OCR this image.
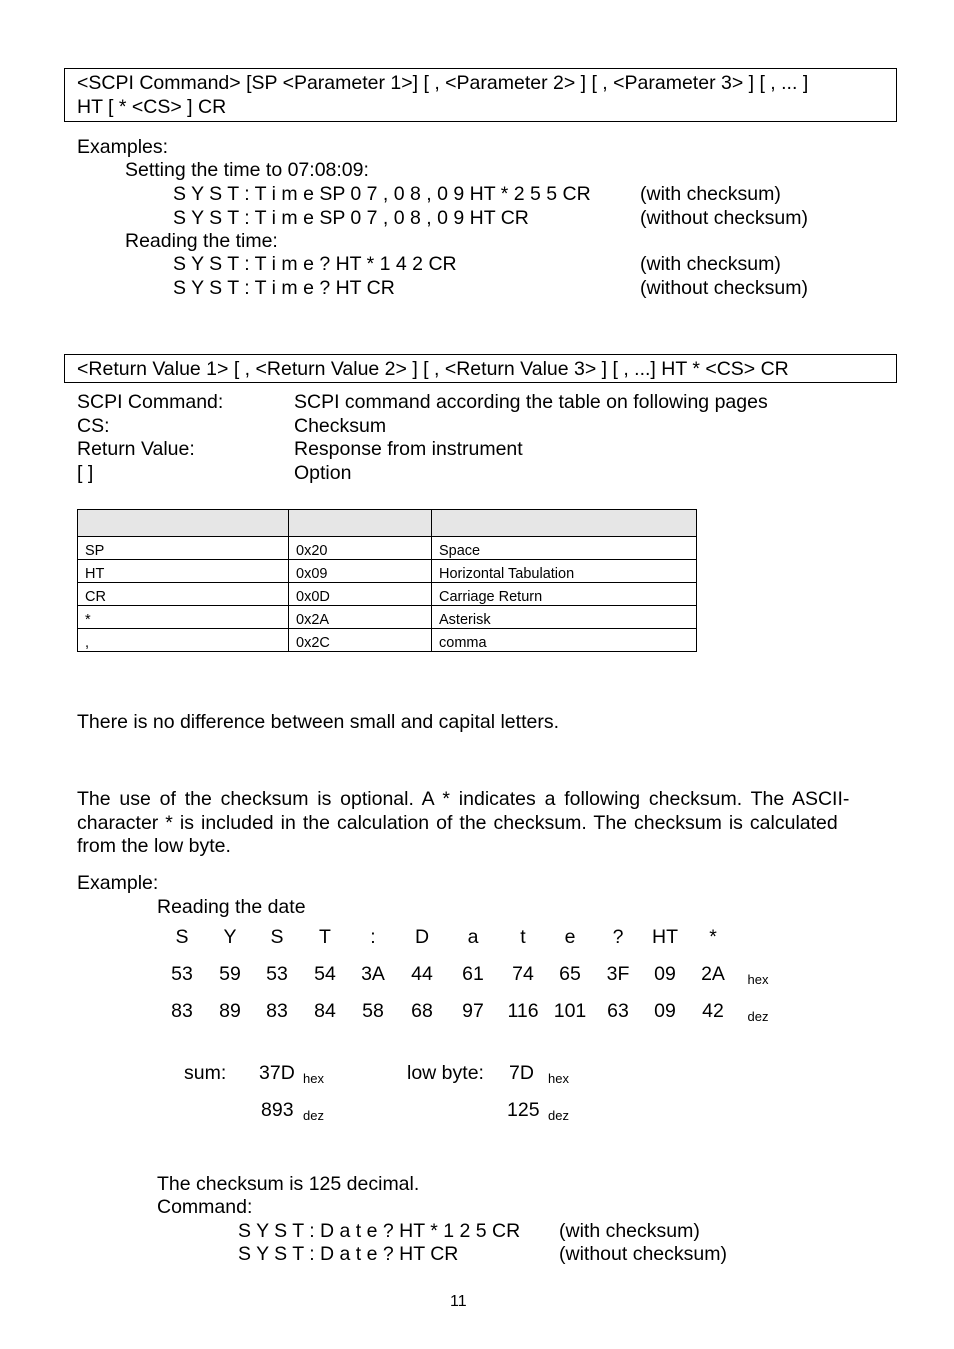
<SCPI Command> [SP <Parameter 1>] [ , <Parameter 2> ] [ , <Parameter 3> ] [ , ... ]
HT [ * <CS> ] CR
Examples:
Setting the time to 07:08:09:
S Y S T : T i m e SP 0 7 , 0 8 , 0 9 HT * 2 5 5 CR	(with checksum)
S Y S T : T i m e SP 0 7 , 0 8 , 0 9 HT CR	(without checksum)
Reading the time:
S Y S T : T i m e ? HT * 1 4 2 CR	(with checksum)
S Y S T : T i m e ? HT CR	(without checksum)
<Return Value 1> [ , <Return Value 2> ] [ , <Return Value 3> ] [ , ...] HT * <CS> CR
SCPI Command:	SCPI command according the table on following pages
CS:	Checksum
Return Value:	Response from instrument
[ ]	Option

SP	0x20	Space
HT	0x09	Horizontal Tabulation
CR	0x0D	Carriage Return
*	0x2A	Asterisk
,	0x2C	comma
There is no difference between small and capital letters.
The use of the checksum is optional. A * indicates a following checksum. The ASCII-
character * is included in the calculation of the checksum. The checksum is calculated
from the low byte.
Example:
Reading the date
S	Y	S	T	:	D	a	t	e	?	HT	*
53	59	53	54	3A	44	61	74	65	3F	09	2A	hex
83	89	83	84	58	68	97	116 101	63	09	42	dez
sum: 37D hex	low byte: 7D hex
893 dez	125 dez
The checksum is 125 decimal.
Command:
S Y S T : D a t e ? HT * 1 2 5 CR (with checksum)
S Y S T : D a t e ? HT CR	(without checksum)
11
